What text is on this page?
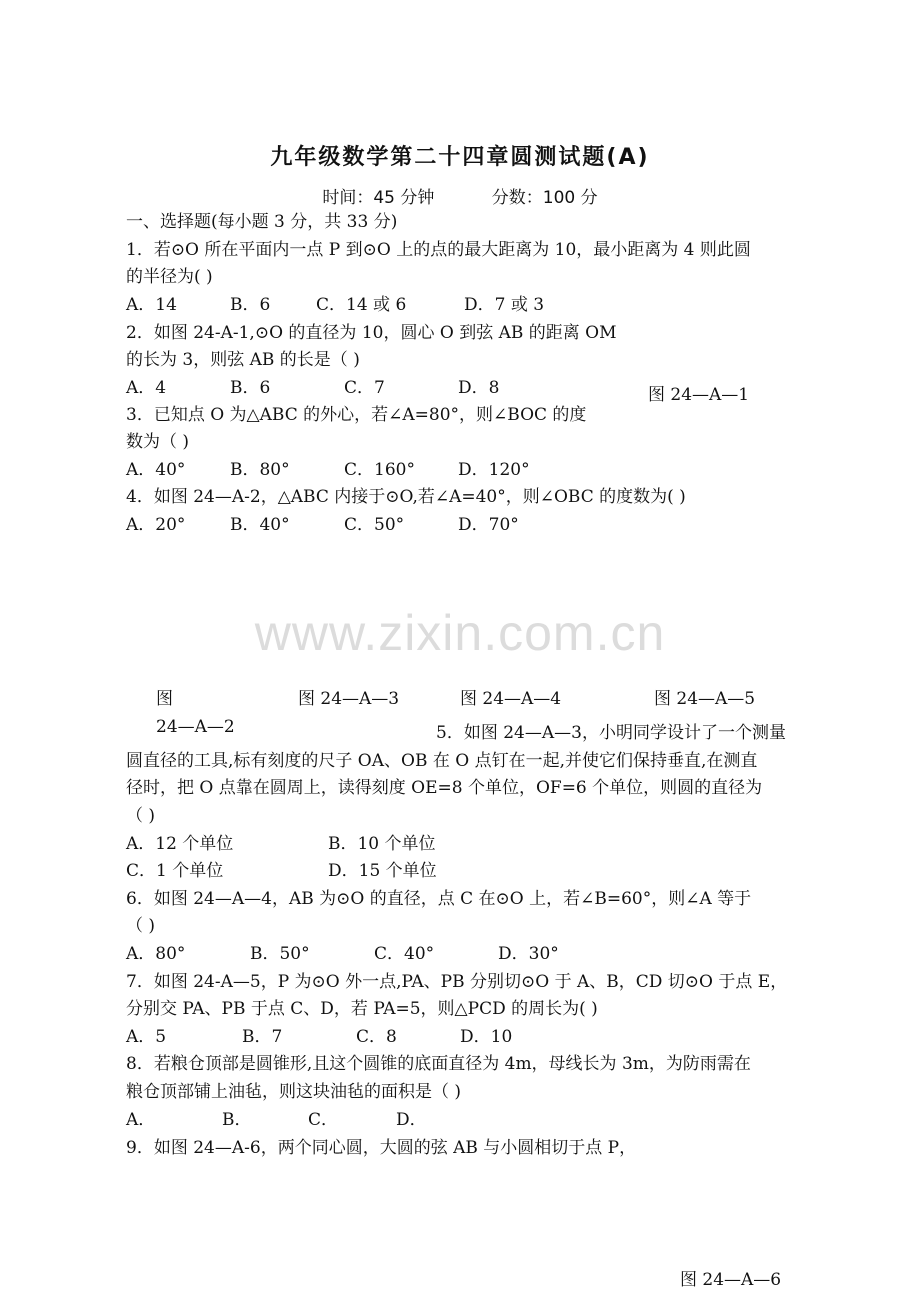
九年级数学第二十四章圆测试题(A)
时间：45 分钟	分数：100 分
一、选择题(每小题 3 分，共 33 分)
1．若⊙O 所在平面内一点 P 到⊙O 上的点的最大距离为 10，最小距离为 4 则此圆
的半径为( )
A．14	B．6	C．14 或 6	D．7 或 3
2．如图 24-A-1,⊙O 的直径为 10，圆心 O 到弦 AB 的距离 OM
的长为 3，则弦 AB 的长是（ )
A．4	B．6	C．7	D．8	图 24—A—1
3．已知点 O 为△ABC 的外心，若∠A=80°，则∠BOC 的度
数为（ )
A．40°	B．80°	C．160°	D．120°
4．如图 24—A-2，△ABC 内接于⊙O,若∠A=40°，则∠OBC 的度数为( )
A．20°	B．40°	C．50°	D．70°
www.zixin.com.cn
图	图 24—A—3	图 24—A—4	图 24—A—5
24—A—2	5．如图 24—A—3，小明同学设计了一个测量
圆直径的工具,标有刻度的尺子 OA、OB 在 O 点钉在一起,并使它们保持垂直,在测直
径时，把 O 点靠在圆周上，读得刻度 OE=8 个单位，OF=6 个单位，则圆的直径为
（ )
A．12 个单位	B．10 个单位
C．1 个单位	D．15 个单位
6．如图 24—A—4，AB 为⊙O 的直径，点 C 在⊙O 上，若∠B=60°，则∠A 等于
（ )
A．80°	B．50°	C．40°	D．30°
7．如图 24-A—5，P 为⊙O 外一点,PA、PB 分别切⊙O 于 A、B，CD 切⊙O 于点 E，
分别交 PA、PB 于点 C、D，若 PA=5，则△PCD 的周长为( )
A．5	B．7	C．8	D．10
8．若粮仓顶部是圆锥形,且这个圆锥的底面直径为 4m，母线长为 3m，为防雨需在
粮仓顶部铺上油毡，则这块油毡的面积是（ )
A．	B．	C．	D．
9．如图 24—A-6，两个同心圆，大圆的弦 AB 与小圆相切于点 P，
图 24—A—6
